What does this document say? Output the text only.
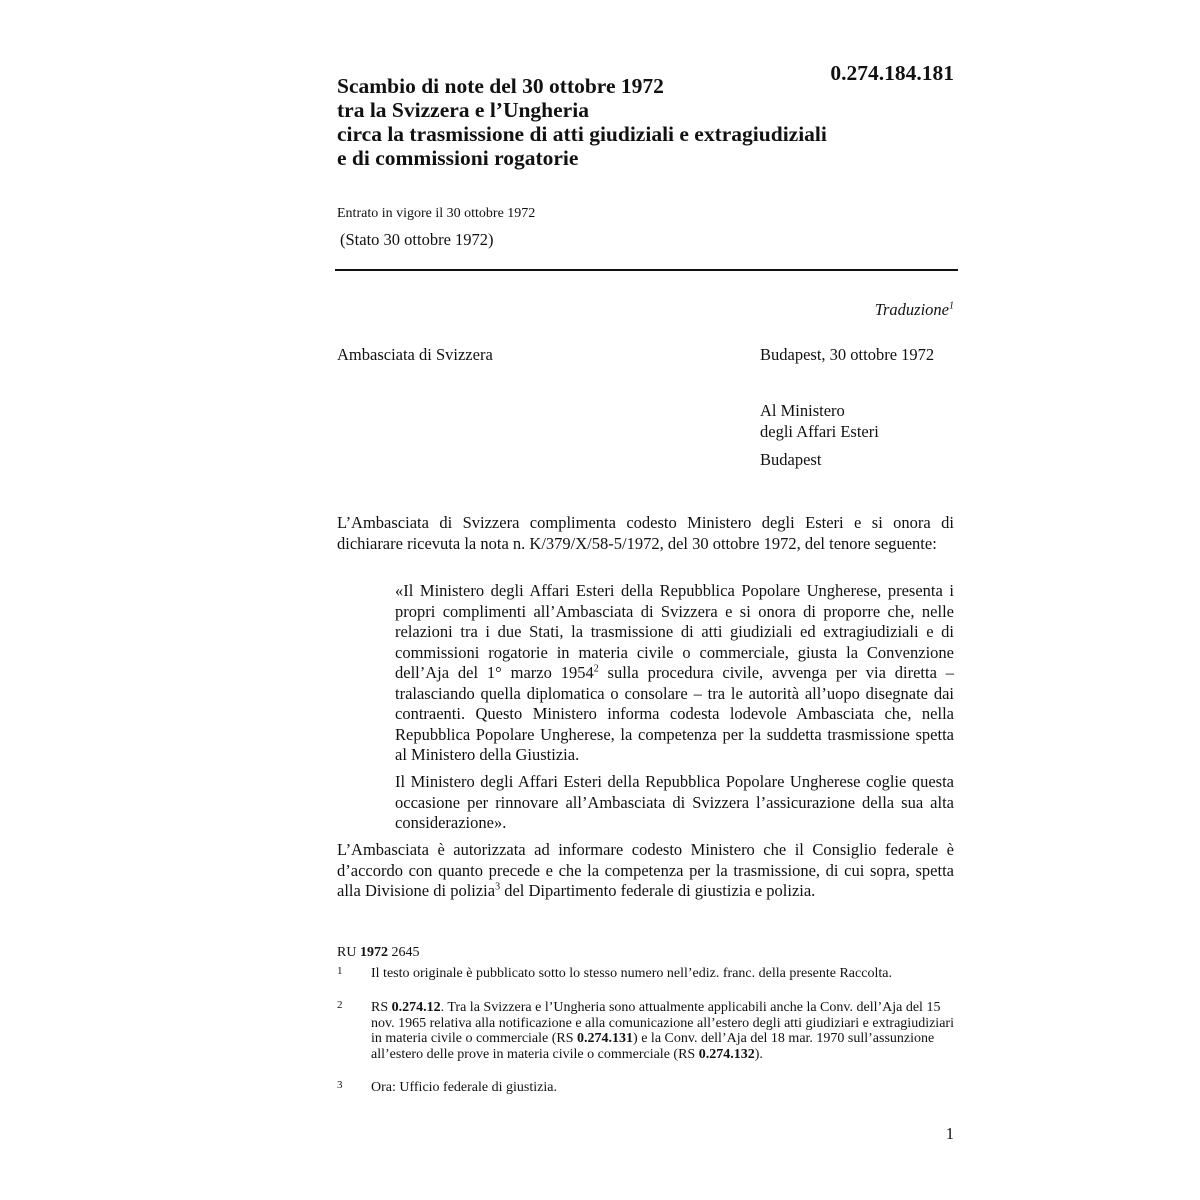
Scambio di note del 30 ottobre 1972
tra la Svizzera e l’Ungheria
circa la trasmissione di atti giudiziali e extragiudiziali
e di commissioni rogatorie
0.274.184.181
Entrato in vigore il 30 ottobre 1972
(Stato 30 ottobre 1972)
Traduzione$^1$
Ambasciata di Svizzera	Budapest, 30 ottobre 1972
Al Ministero
degli Affari Esteri
Budapest

L’Ambasciata di Svizzera complimenta codesto Ministero degli Esteri e si onora di dichiarare ricevuta la nota n. K/379/X/58-5/1972, del 30 ottobre 1972, del tenore seguente:

«Il Ministero degli Affari Esteri della Repubblica Popolare Ungherese, presenta i propri complimenti all’Ambasciata di Svizzera e si onora di proporre che, nelle relazioni tra i due Stati, la trasmissione di atti giudiziali ed extragiudiziali e di commissioni rogatorie in materia civile o commerciale, giusta la Convenzione dell’Aja del 1° marzo 1954$^2$ sulla procedura civile, avvenga per via diretta – tralasciando quella diplomatica o consolare – tra le autorità all’uopo disegnate dai contraenti. Questo Ministero informa codesta lodevole Ambasciata che, nella Repubblica Popolare Ungherese, la competenza per la suddetta trasmissione spetta al Ministero della Giustizia.

Il Ministero degli Affari Esteri della Repubblica Popolare Ungherese coglie questa occasione per rinnovare all’Ambasciata di Svizzera l’assicurazione della sua alta considerazione».

L’Ambasciata è autorizzata ad informare codesto Ministero che il Consiglio federale è d’accordo con quanto precede e che la competenza per la trasmissione, di cui sopra, spetta alla Divisione di polizia$^3$ del Dipartimento federale di giustizia e polizia.

RU 1972 2645
1 Il testo originale è pubblicato sotto lo stesso numero nell’ediz. franc. della presente Raccolta.
2 RS 0.274.12. Tra la Svizzera e l’Ungheria sono attualmente applicabili anche la Conv. dell’Aja del 15 nov. 1965 relativa alla notificazione e alla comunicazione all’estero degli atti giudiziari e extragiudiziari in materia civile o commerciale (RS 0.274.131) e la Conv. dell’Aja del 18 mar. 1970 sull’assunzione all’estero delle prove in materia civile o commerciale (RS 0.274.132).
3 Ora: Ufficio federale di giustizia.
1
